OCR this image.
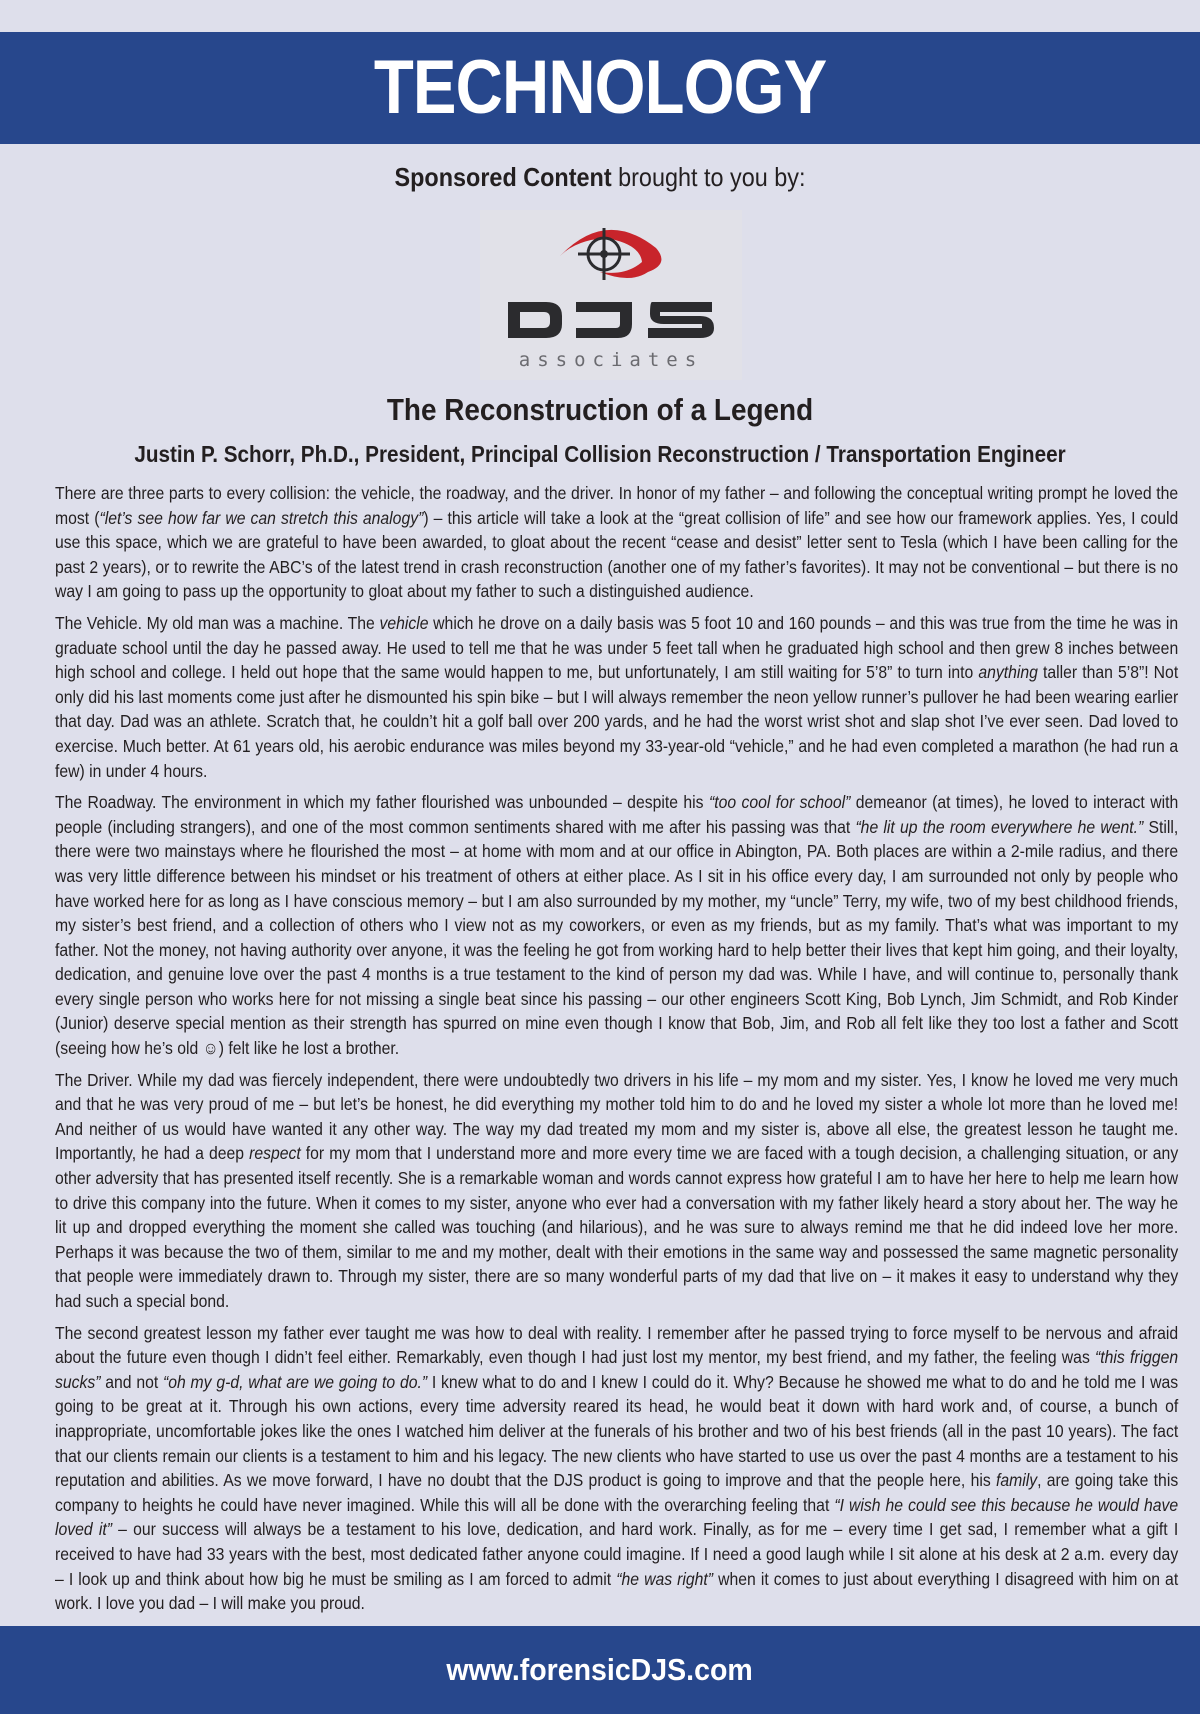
TECHNOLOGY
Sponsored Content brought to you by:
associates
The Reconstruction of a Legend
Justin P. Schorr, Ph.D., President, Principal Collision Reconstruction / Transportation Engineer

There are three parts to every collision: the vehicle, the roadway, and the driver. In honor of my father – and following the conceptual writing prompt he loved the most (“let’s see how far we can stretch this analogy”) – this article will take a look at the “great collision of life” and see how our framework applies. Yes, I could use this space, which we are grateful to have been awarded, to gloat about the recent “cease and desist” letter sent to Tesla (which I have been calling for the past 2 years), or to rewrite the ABC’s of the latest trend in crash reconstruction (another one of my father’s favorites). It may not be conventional – but there is no way I am going to pass up the opportunity to gloat about my father to such a distinguished audience.

The Vehicle. My old man was a machine. The vehicle which he drove on a daily basis was 5 foot 10 and 160 pounds – and this was true from the time he was in graduate school until the day he passed away. He used to tell me that he was under 5 feet tall when he graduated high school and then grew 8 inches between high school and college. I held out hope that the same would happen to me, but unfortunately, I am still waiting for 5’8” to turn into anything taller than 5’8”! Not only did his last moments come just after he dismounted his spin bike – but I will always remember the neon yellow runner’s pullover he had been wearing earlier that day. Dad was an athlete. Scratch that, he couldn’t hit a golf ball over 200 yards, and he had the worst wrist shot and slap shot I’ve ever seen. Dad loved to exercise. Much better. At 61 years old, his aerobic endurance was miles beyond my 33-year-old “vehicle,” and he had even completed a marathon (he had run a few) in under 4 hours.

The Roadway. The environment in which my father flourished was unbounded – despite his “too cool for school” demeanor (at times), he loved to interact with people (including strangers), and one of the most common sentiments shared with me after his passing was that “he lit up the room everywhere he went.” Still, there were two mainstays where he flourished the most – at home with mom and at our office in Abington, PA. Both places are within a 2-mile radius, and there was very little difference between his mindset or his treatment of others at either place. As I sit in his office every day, I am surrounded not only by people who have worked here for as long as I have conscious memory – but I am also surrounded by my mother, my “uncle” Terry, my wife, two of my best childhood friends, my sister’s best friend, and a collection of others who I view not as my coworkers, or even as my friends, but as my family. That’s what was important to my father. Not the money, not having authority over anyone, it was the feeling he got from working hard to help better their lives that kept him going, and their loyalty, dedication, and genuine love over the past 4 months is a true testament to the kind of person my dad was. While I have, and will continue to, personally thank every single person who works here for not missing a single beat since his passing – our other engineers Scott King, Bob Lynch, Jim Schmidt, and Rob Kinder (Junior) deserve special mention as their strength has spurred on mine even though I know that Bob, Jim, and Rob all felt like they too lost a father and Scott (seeing how he’s old ☺) felt like he lost a brother.

The Driver. While my dad was fiercely independent, there were undoubtedly two drivers in his life – my mom and my sister. Yes, I know he loved me very much and that he was very proud of me – but let’s be honest, he did everything my mother told him to do and he loved my sister a whole lot more than he loved me! And neither of us would have wanted it any other way. The way my dad treated my mom and my sister is, above all else, the greatest lesson he taught me. Importantly, he had a deep respect for my mom that I understand more and more every time we are faced with a tough decision, a challenging situation, or any other adversity that has presented itself recently. She is a remarkable woman and words cannot express how grateful I am to have her here to help me learn how to drive this company into the future. When it comes to my sister, anyone who ever had a conversation with my father likely heard a story about her. The way he lit up and dropped everything the moment she called was touching (and hilarious), and he was sure to always remind me that he did indeed love her more. Perhaps it was because the two of them, similar to me and my mother, dealt with their emotions in the same way and possessed the same magnetic personality that people were immediately drawn to. Through my sister, there are so many wonderful parts of my dad that live on – it makes it easy to understand why they had such a special bond.

The second greatest lesson my father ever taught me was how to deal with reality. I remember after he passed trying to force myself to be nervous and afraid about the future even though I didn’t feel either. Remarkably, even though I had just lost my mentor, my best friend, and my father, the feeling was “this friggen sucks” and not “oh my g-d, what are we going to do.” I knew what to do and I knew I could do it. Why? Because he showed me what to do and he told me I was going to be great at it. Through his own actions, every time adversity reared its head, he would beat it down with hard work and, of course, a bunch of inappropriate, uncomfortable jokes like the ones I watched him deliver at the funerals of his brother and two of his best friends (all in the past 10 years). The fact that our clients remain our clients is a testament to him and his legacy. The new clients who have started to use us over the past 4 months are a testament to his reputation and abilities. As we move forward, I have no doubt that the DJS product is going to improve and that the people here, his family, are going take this company to heights he could have never imagined. While this will all be done with the overarching feeling that “I wish he could see this because he would have loved it” – our success will always be a testament to his love, dedication, and hard work. Finally, as for me – every time I get sad, I remember what a gift I received to have had 33 years with the best, most dedicated father anyone could imagine. If I need a good laugh while I sit alone at his desk at 2 a.m. every day – I look up and think about how big he must be smiling as I am forced to admit “he was right” when it comes to just about everything I disagreed with him on at work. I love you dad – I will make you proud.

www.forensicDJS.com
